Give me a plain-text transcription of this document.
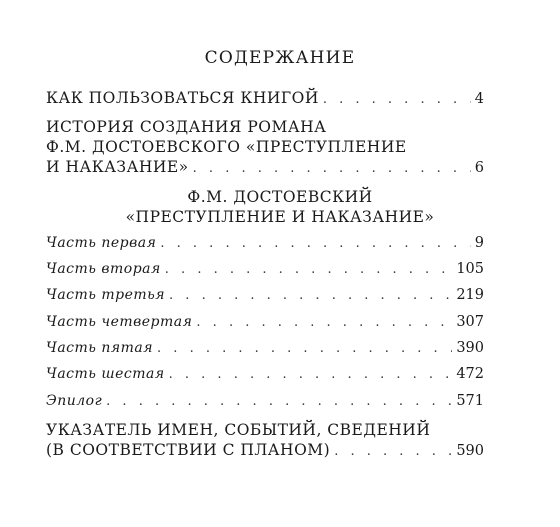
СОДЕРЖАНИЕ
КАК ПОЛЬЗОВАТЬСЯ КНИГОЙ . . .	4
ИСТОРИЯ СОЗДАНИЯ РОМАНА
Ф.М. ДОСТОЕВСКОГО «ПРЕСТУПЛЕНИЕ
И НАКАЗАНИЕ» . . .	6
Ф.М. ДОСТОЕВСКИЙ
«ПРЕСТУПЛЕНИЕ И НАКАЗАНИЕ»
Часть первая . . .	9
Часть вторая . . .	105
Часть третья . . .	219
Часть четвертая . . .	307
Часть пятая . . .	390
Часть шестая . . .	472
Эпилог . . .	571
УКАЗАТЕЛЬ ИМЕН, СОБЫТИЙ, СВЕДЕНИЙ
(В СООТВЕТСТВИИ С ПЛАНОМ) . . .	590
